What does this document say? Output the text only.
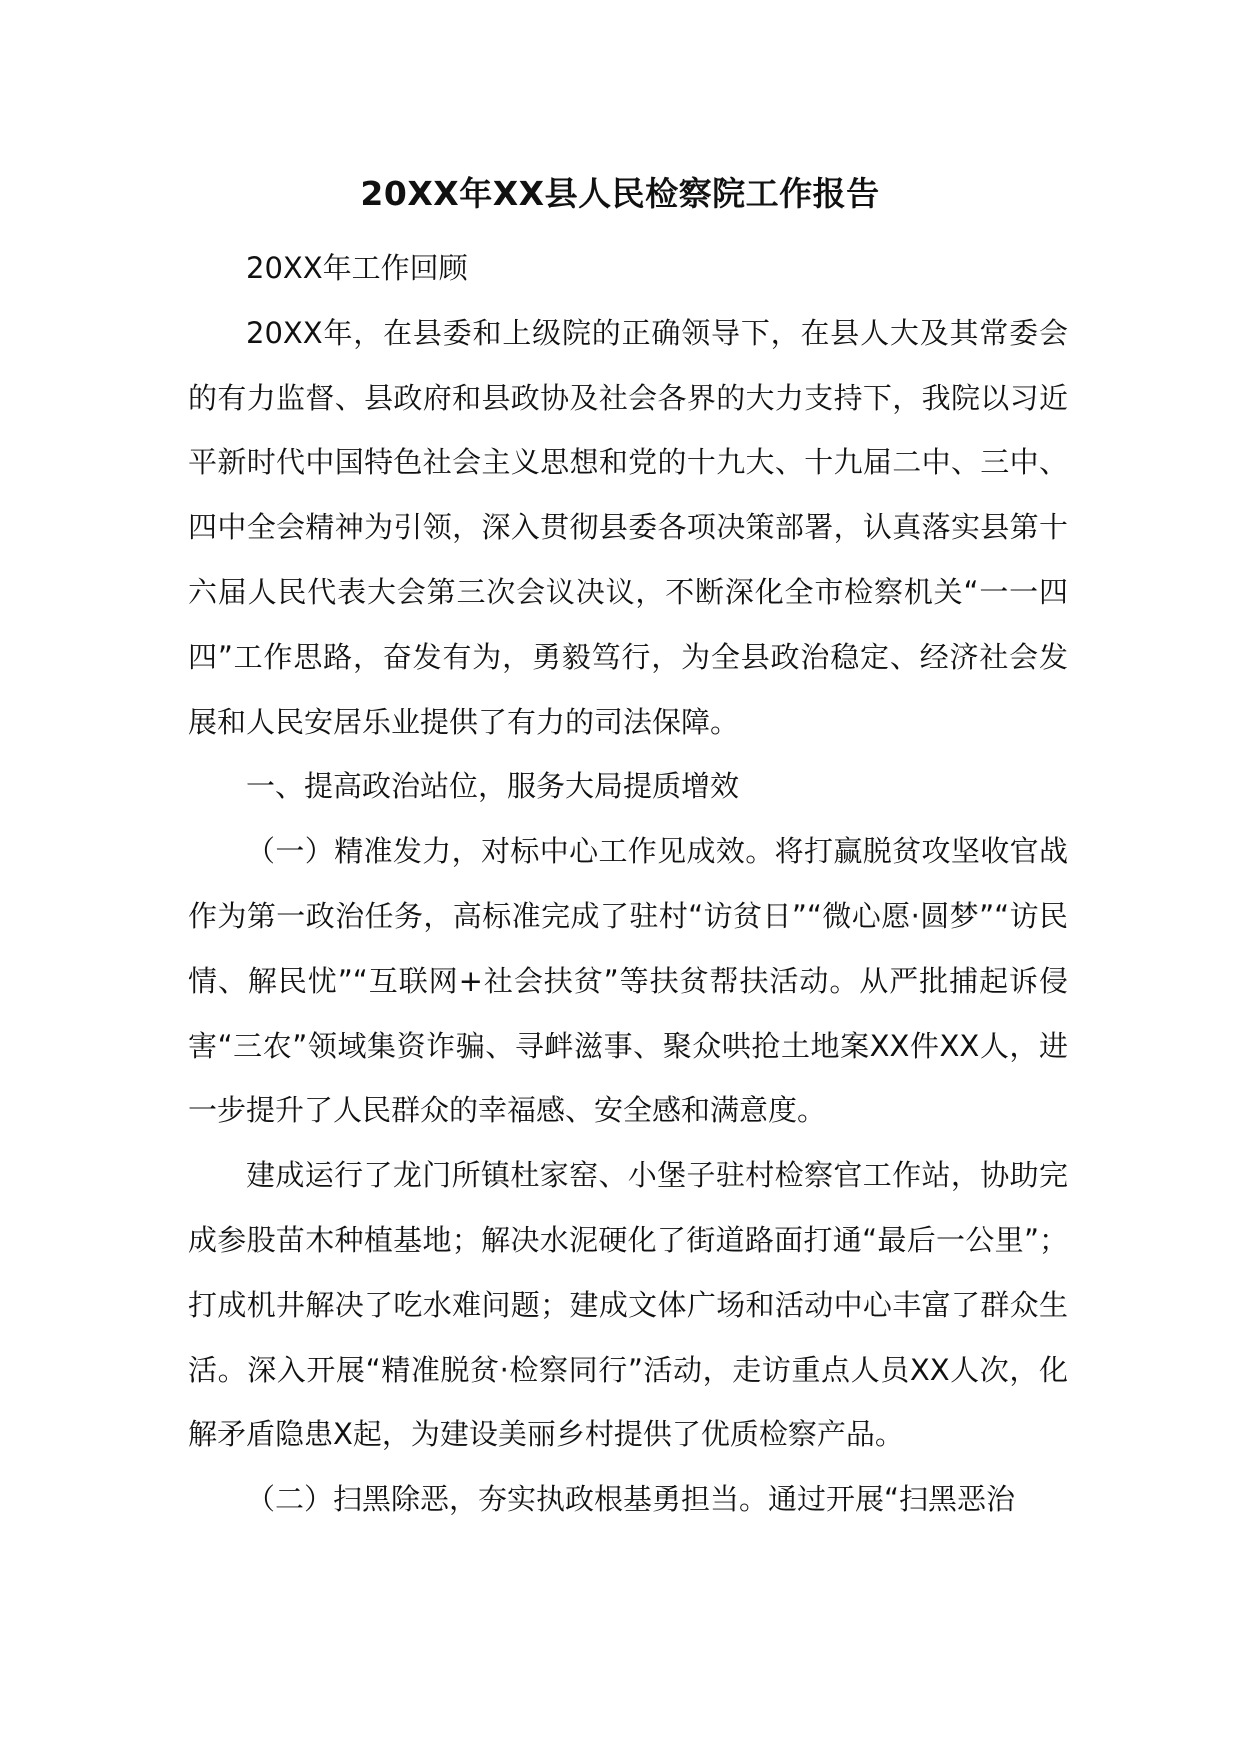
20XX年XX县人民检察院工作报告

20XX年工作回顾

20XX年，在县委和上级院的正确领导下，在县人大及其常委会的有力监督、县政府和县政协及社会各界的大力支持下，我院以习近平新时代中国特色社会主义思想和党的十九大、十九届二中、三中、四中全会精神为引领，深入贯彻县委各项决策部署，认真落实县第十六届人民代表大会第三次会议决议，不断深化全市检察机关“一一四四”工作思路，奋发有为，勇毅笃行，为全县政治稳定、经济社会发展和人民安居乐业提供了有力的司法保障。

一、提高政治站位，服务大局提质增效

（一）精准发力，对标中心工作见成效。将打赢脱贫攻坚收官战作为第一政治任务，高标准完成了驻村“访贫日”“微心愿·圆梦”“访民情、解民忧”“互联网+社会扶贫”等扶贫帮扶活动。从严批捕起诉侵害“三农”领域集资诈骗、寻衅滋事、聚众哄抢土地案XX件XX人，进一步提升了人民群众的幸福感、安全感和满意度。

建成运行了龙门所镇杜家窑、小堡子驻村检察官工作站，协助完成参股苗木种植基地；解决水泥硬化了街道路面打通“最后一公里”；打成机井解决了吃水难问题；建成文体广场和活动中心丰富了群众生活。深入开展“精准脱贫·检察同行”活动，走访重点人员XX人次，化解矛盾隐患X起，为建设美丽乡村提供了优质检察产品。

（二）扫黑除恶，夯实执政根基勇担当。通过开展“扫黑恶治
